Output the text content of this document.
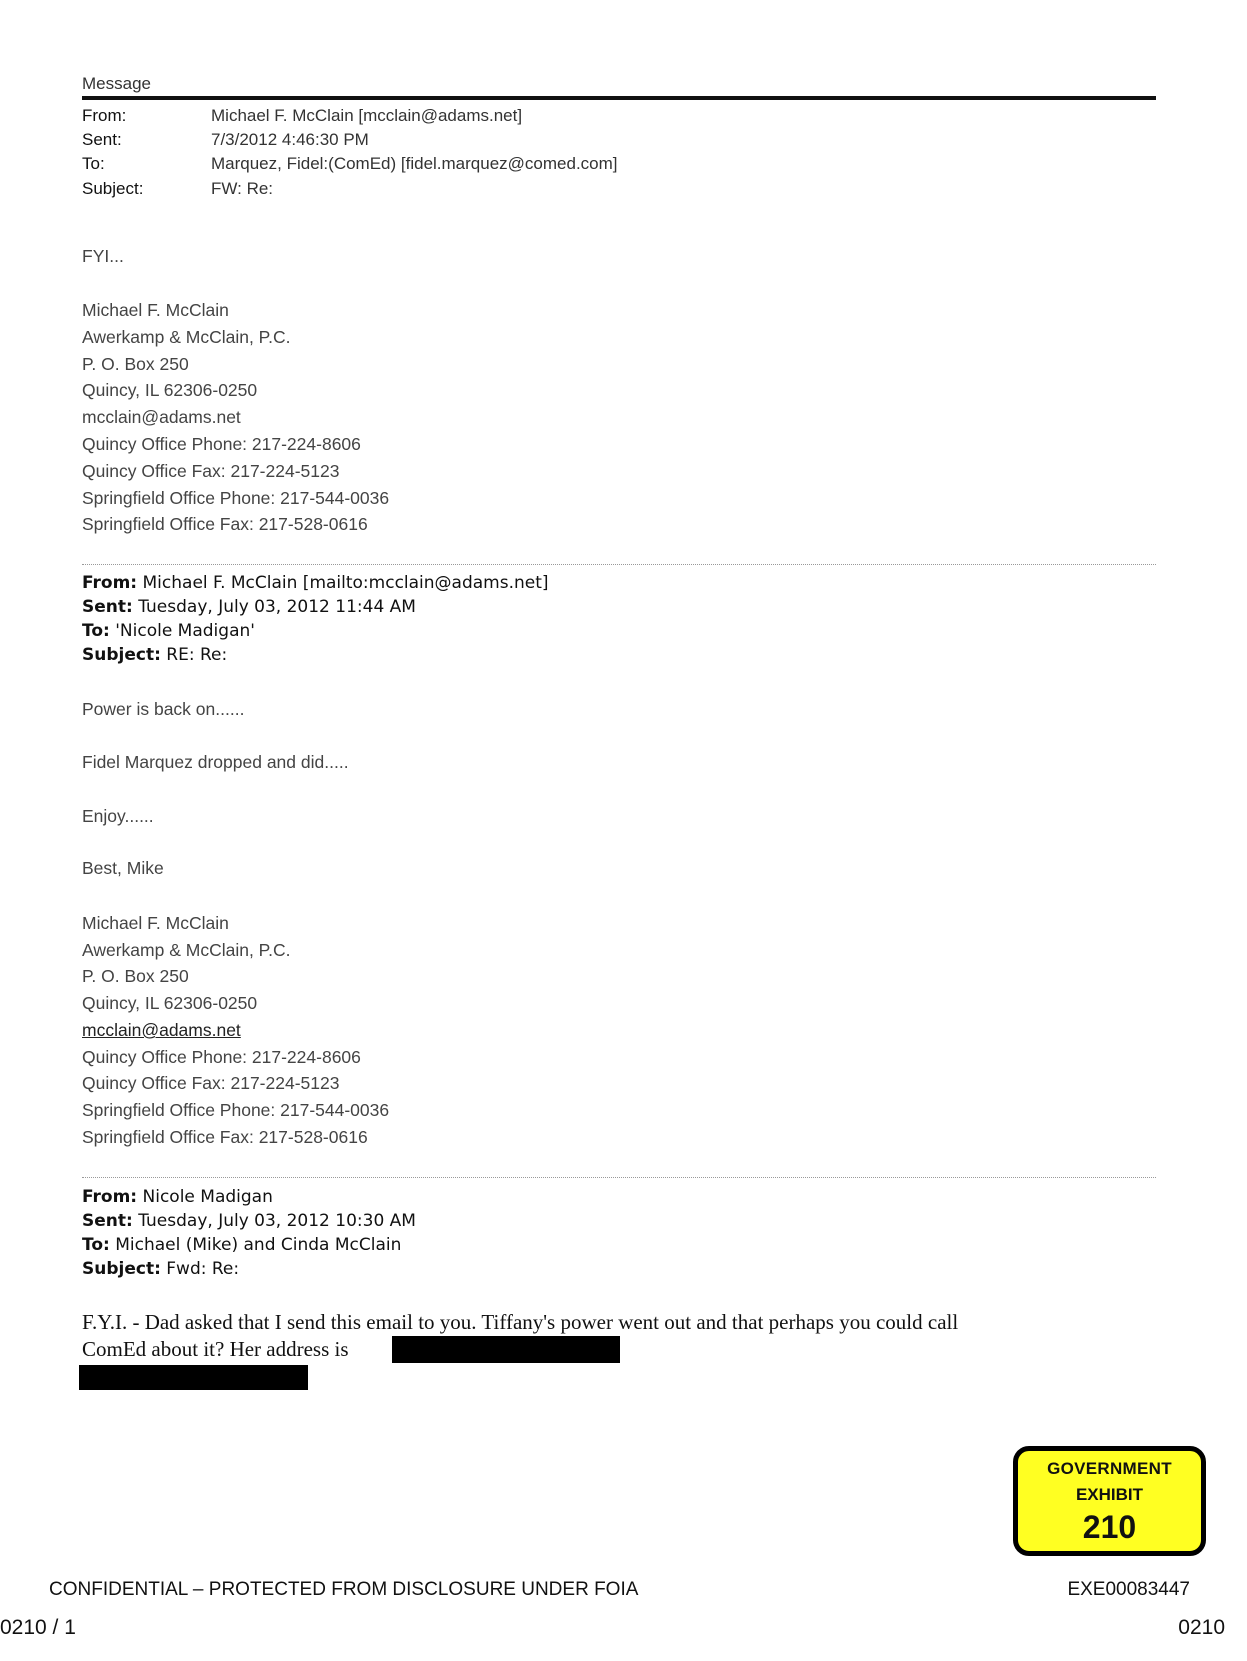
Message
From:	Michael F. McClain [mcclain@adams.net]
Sent:	7/3/2012 4:46:30 PM
To:	Marquez, Fidel:(ComEd) [fidel.marquez@comed.com]
Subject:	FW: Re:
FYI...
Michael F. McClain
Awerkamp & McClain, P.C.
P. O. Box 250
Quincy, IL 62306-0250
mcclain@adams.net
Quincy Office Phone: 217-224-8606
Quincy Office Fax: 217-224-5123
Springfield Office Phone: 217-544-0036
Springfield Office Fax: 217-528-0616
From: Michael F. McClain [mailto:mcclain@adams.net]
Sent: Tuesday, July 03, 2012 11:44 AM
To: 'Nicole Madigan'
Subject: RE: Re:
Power is back on......
Fidel Marquez dropped and did.....
Enjoy......
Best, Mike
Michael F. McClain
Awerkamp & McClain, P.C.
P. O. Box 250
Quincy, IL 62306-0250
mcclain@adams.net
Quincy Office Phone: 217-224-8606
Quincy Office Fax: 217-224-5123
Springfield Office Phone: 217-544-0036
Springfield Office Fax: 217-528-0616
From: Nicole Madigan
Sent: Tuesday, July 03, 2012 10:30 AM
To: Michael (Mike) and Cinda McClain
Subject: Fwd: Re:
F.Y.I. - Dad asked that I send this email to you. Tiffany's power went out and that perhaps you could call
ComEd about it? Her address is
GOVERNMENT
EXHIBIT
210
CONFIDENTIAL – PROTECTED FROM DISCLOSURE UNDER FOIA	EXE00083447
0210 / 1	0210
